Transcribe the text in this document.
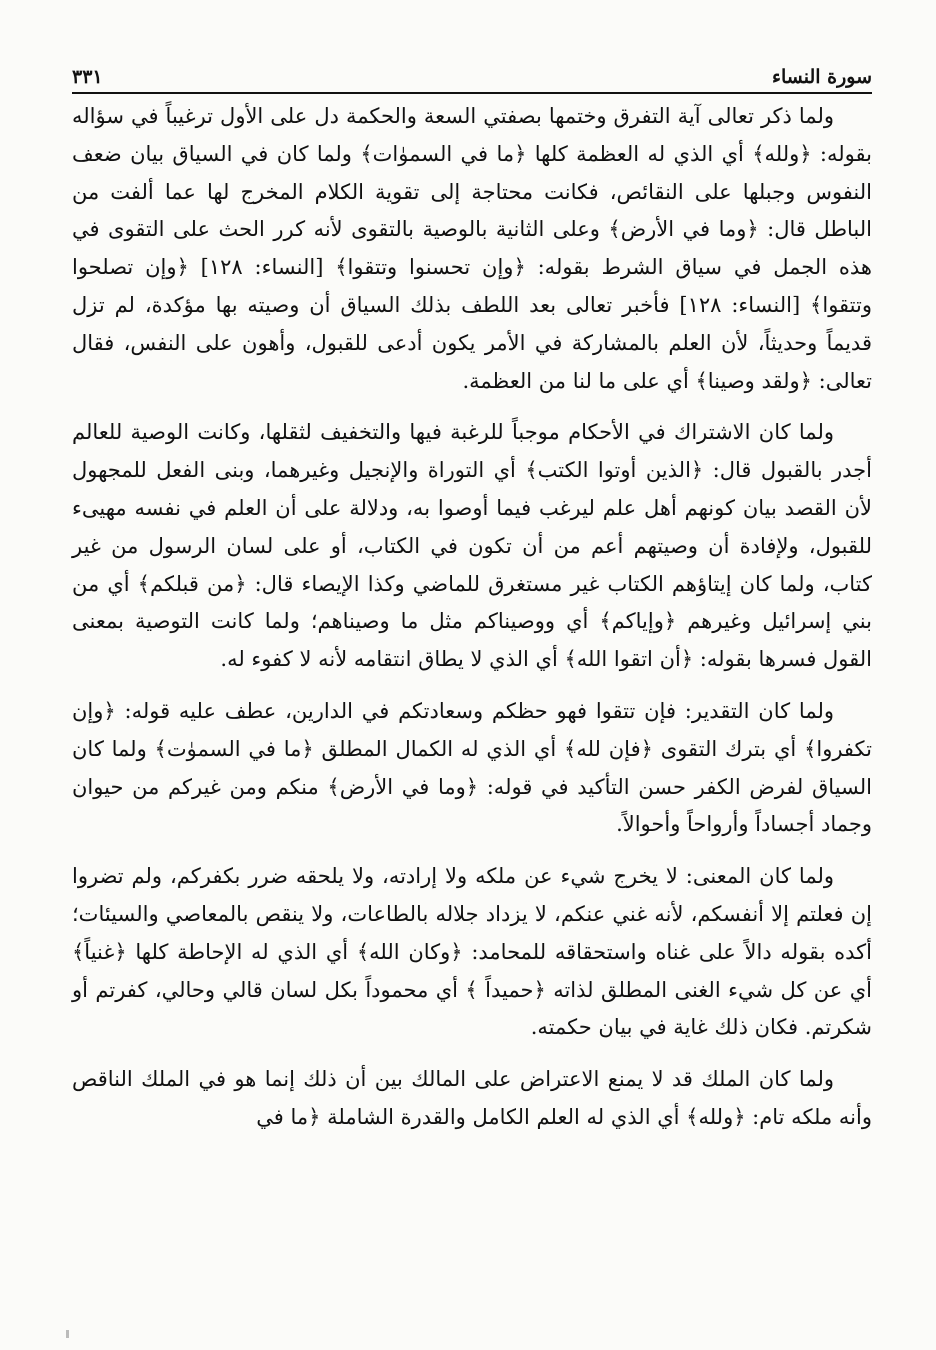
سورة النساء
٣٣١

ولما ذكر تعالى آية التفرق وختمها بصفتي السعة والحكمة دل على الأول ترغيباً في سؤاله بقوله: ﴿ولله﴾ أي الذي له العظمة كلها ﴿ما في السموٰات﴾ ولما كان في السياق بيان ضعف النفوس وجبلها على النقائص، فكانت محتاجة إلى تقوية الكلام المخرج لها عما ألفت من الباطل قال: ﴿وما في الأرض﴾ وعلى الثانية بالوصية بالتقوى لأنه كرر الحث على التقوى في هذه الجمل في سياق الشرط بقوله: ﴿وإن تحسنوا وتتقوا﴾ [النساء: ١٢٨] ﴿وإن تصلحوا وتتقوا﴾ [النساء: ١٢٨] فأخبر تعالى بعد اللطف بذلك السياق أن وصيته بها مؤكدة، لم تزل قديماً وحديثاً، لأن العلم بالمشاركة في الأمر يكون أدعى للقبول، وأهون على النفس، فقال تعالى: ﴿ولقد وصينا﴾ أي على ما لنا من العظمة.

ولما كان الاشتراك في الأحكام موجباً للرغبة فيها والتخفيف لثقلها، وكانت الوصية للعالم أجدر بالقبول قال: ﴿الذين أوتوا الكتب﴾ أي التوراة والإنجيل وغيرهما، وبنى الفعل للمجهول لأن القصد بيان كونهم أهل علم ليرغب فيما أوصوا به، ودلالة على أن العلم في نفسه مهيىء للقبول، ولإفادة أن وصيتهم أعم من أن تكون في الكتاب، أو على لسان الرسول من غير كتاب، ولما كان إيتاؤهم الكتاب غير مستغرق للماضي وكذا الإيصاء قال: ﴿من قبلكم﴾ أي من بني إسرائيل وغيرهم ﴿وإياكم﴾ أي ووصيناكم مثل ما وصيناهم؛ ولما كانت التوصية بمعنى القول فسرها بقوله: ﴿أن اتقوا الله﴾ أي الذي لا يطاق انتقامه لأنه لا كفوء له.

ولما كان التقدير: فإن تتقوا فهو حظكم وسعادتكم في الدارين، عطف عليه قوله: ﴿وإن تكفروا﴾ أي بترك التقوى ﴿فإن لله﴾ أي الذي له الكمال المطلق ﴿ما في السموٰت﴾ ولما كان السياق لفرض الكفر حسن التأكيد في قوله: ﴿وما في الأرض﴾ منكم ومن غيركم من حيوان وجماد أجساداً وأرواحاً وأحوالاً.

ولما كان المعنى: لا يخرج شيء عن ملكه ولا إرادته، ولا يلحقه ضرر بكفركم، ولم تضروا إن فعلتم إلا أنفسكم، لأنه غني عنكم، لا يزداد جلاله بالطاعات، ولا ينقص بالمعاصي والسيئات؛ أكده بقوله دالاً على غناه واستحقاقه للمحامد: ﴿وكان الله﴾ أي الذي له الإحاطة كلها ﴿غنياً﴾ أي عن كل شيء الغنى المطلق لذاته ﴿حميداً ﴾ أي محموداً بكل لسان قالي وحالي، كفرتم أو شكرتم. فكان ذلك غاية في بيان حكمته.

ولما كان الملك قد لا يمنع الاعتراض على المالك بين أن ذلك إنما هو في الملك الناقص وأنه ملكه تام: ﴿ولله﴾ أي الذي له العلم الكامل والقدرة الشاملة ﴿ما في
